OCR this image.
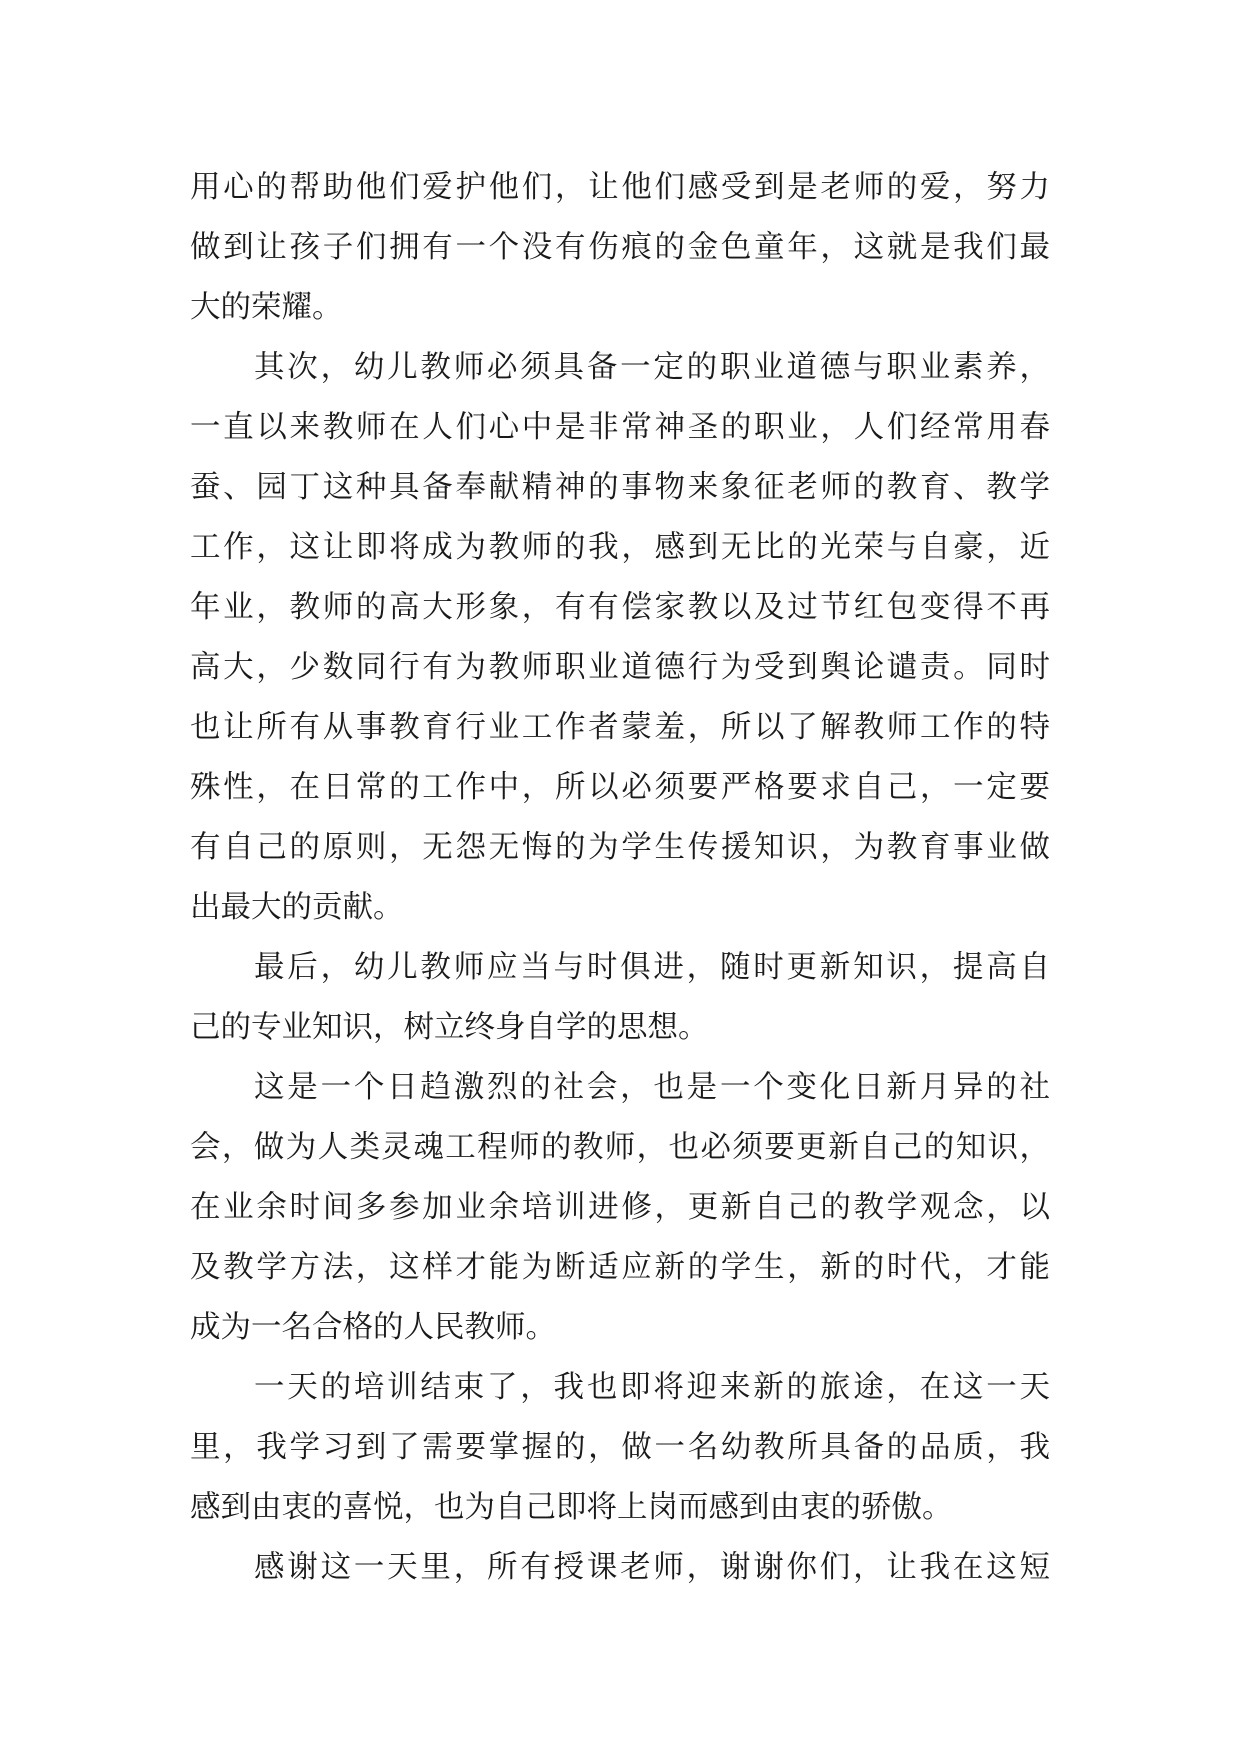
用心的帮助他们爱护他们，让他们感受到是老师的爱，努力
做到让孩子们拥有一个没有伤痕的金色童年，这就是我们最
大的荣耀。
其次，幼儿教师必须具备一定的职业道德与职业素养，
一直以来教师在人们心中是非常神圣的职业，人们经常用春
蚕、园丁这种具备奉献精神的事物来象征老师的教育、教学
工作，这让即将成为教师的我，感到无比的光荣与自豪，近
年业，教师的高大形象，有有偿家教以及过节红包变得不再
高大，少数同行有为教师职业道德行为受到舆论谴责。同时
也让所有从事教育行业工作者蒙羞，所以了解教师工作的特
殊性，在日常的工作中，所以必须要严格要求自己，一定要
有自己的原则，无怨无悔的为学生传援知识，为教育事业做
出最大的贡献。
最后，幼儿教师应当与时俱进，随时更新知识，提高自
己的专业知识，树立终身自学的思想。
这是一个日趋激烈的社会，也是一个变化日新月异的社
会，做为人类灵魂工程师的教师，也必须要更新自己的知识，
在业余时间多参加业余培训进修，更新自己的教学观念，以
及教学方法，这样才能为断适应新的学生，新的时代，才能
成为一名合格的人民教师。
一天的培训结束了，我也即将迎来新的旅途，在这一天
里，我学习到了需要掌握的，做一名幼教所具备的品质，我
感到由衷的喜悦，也为自己即将上岗而感到由衷的骄傲。
感谢这一天里，所有授课老师，谢谢你们，让我在这短
